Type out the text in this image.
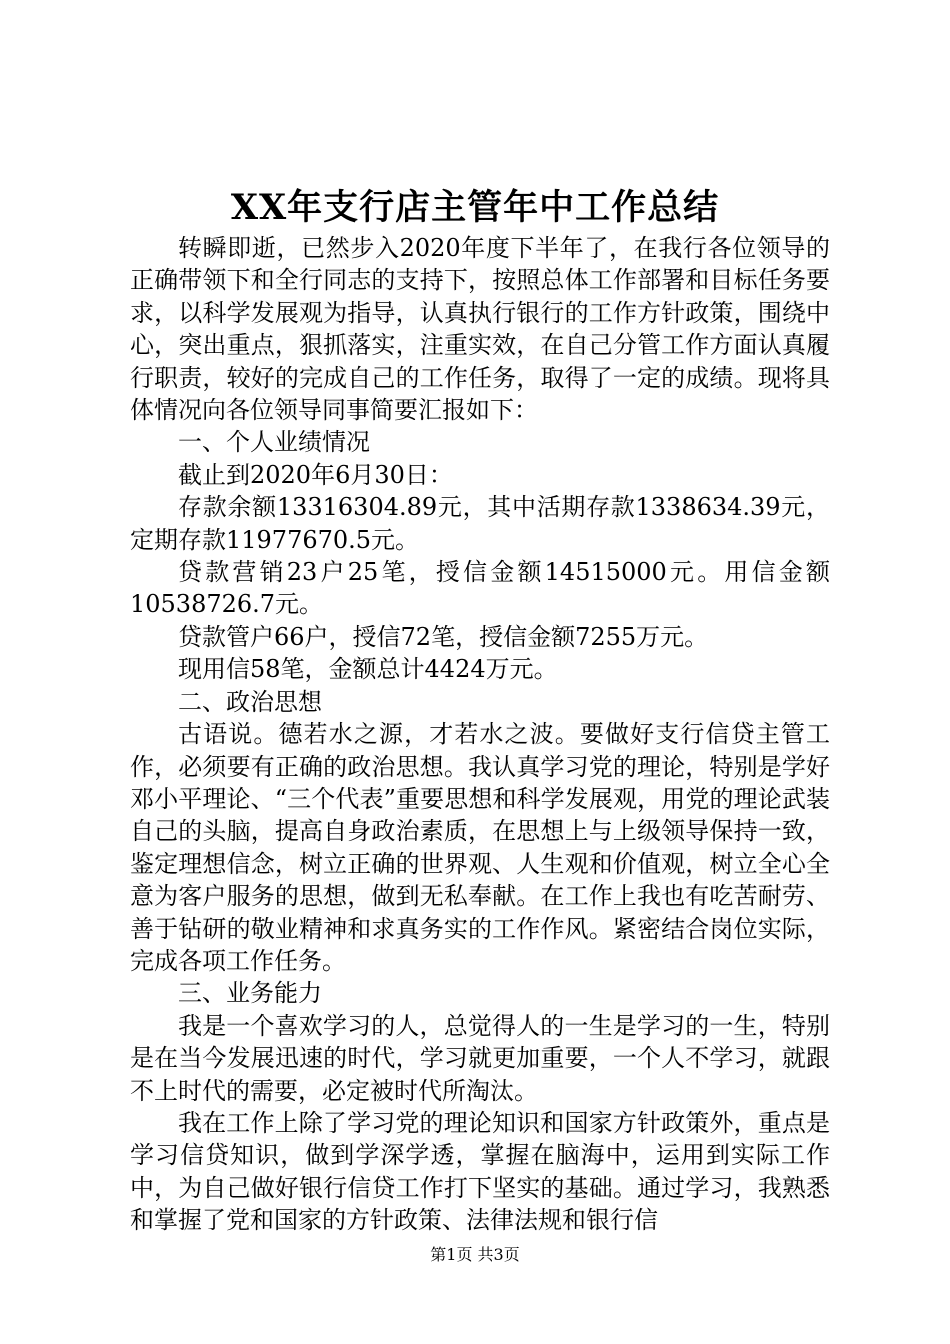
XX年支行店主管年中工作总结

转瞬即逝，已然步入2020年度下半年了，在我行各位领导的正确带领下和全行同志的支持下，按照总体工作部署和目标任务要求，以科学发展观为指导，认真执行银行的工作方针政策，围绕中心，突出重点，狠抓落实，注重实效，在自己分管工作方面认真履行职责，较好的完成自己的工作任务，取得了一定的成绩。现将具体情况向各位领导同事简要汇报如下：

一、个人业绩情况

截止到2020年6月30日：

存款余额13316304.89元，其中活期存款1338634.39元，定期存款11977670.5元。

贷款营销23户25笔，授信金额14515000元。用信金额10538726.7元。

贷款管户66户，授信72笔，授信金额7255万元。

现用信58笔，金额总计4424万元。

二、政治思想

古语说。德若水之源，才若水之波。要做好支行信贷主管工作，必须要有正确的政治思想。我认真学习党的理论，特别是学好邓小平理论、“三个代表”重要思想和科学发展观，用党的理论武装自己的头脑，提高自身政治素质，在思想上与上级领导保持一致，鉴定理想信念，树立正确的世界观、人生观和价值观，树立全心全意为客户服务的思想，做到无私奉献。在工作上我也有吃苦耐劳、善于钻研的敬业精神和求真务实的工作作风。紧密结合岗位实际，完成各项工作任务。

三、业务能力

我是一个喜欢学习的人，总觉得人的一生是学习的一生，特别是在当今发展迅速的时代，学习就更加重要，一个人不学习，就跟不上时代的需要，必定被时代所淘汰。

我在工作上除了学习党的理论知识和国家方针政策外，重点是学习信贷知识，做到学深学透，掌握在脑海中，运用到实际工作中，为自己做好银行信贷工作打下坚实的基础。通过学习，我熟悉和掌握了党和国家的方针政策、法律法规和银行信

第1页 共3页
